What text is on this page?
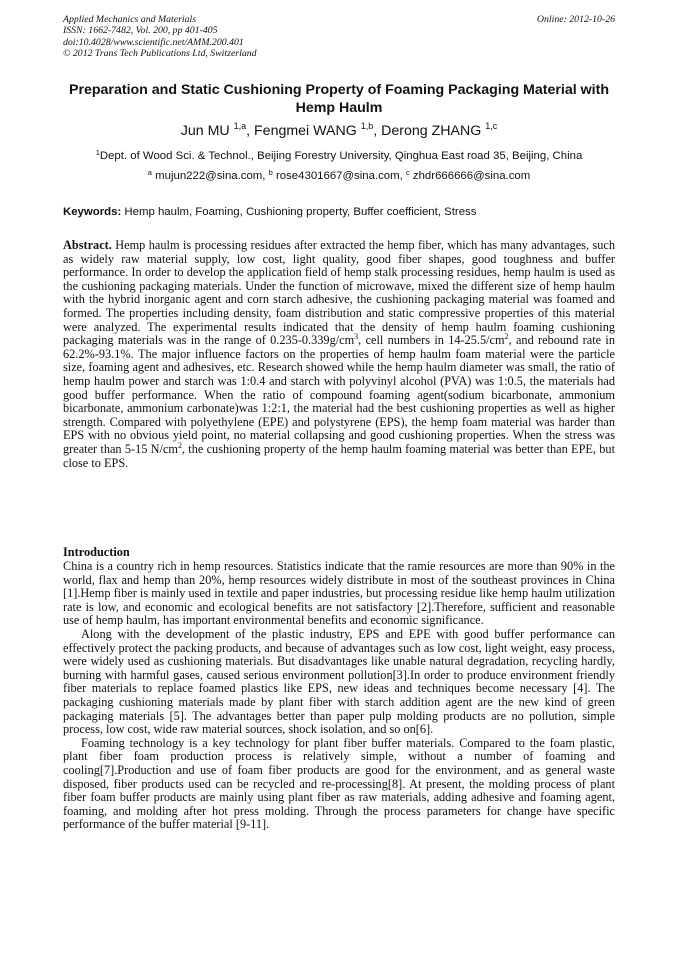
Applied Mechanics and Materials
ISSN: 1662-7482, Vol. 200, pp 401-405
doi:10.4028/www.scientific.net/AMM.200.401
© 2012 Trans Tech Publications Ltd, Switzerland
Online: 2012-10-26
Preparation and Static Cushioning Property of Foaming Packaging Material with Hemp Haulm
Jun MU $^{1,a}$, Fengmei WANG $^{1,b}$, Derong ZHANG $^{1,c}$
$^1$Dept. of Wood Sci. & Technol., Beijing Forestry University, Qinghua East road 35, Beijing, China
$^a$ mujun222@sina.com, $^b$ rose4301667@sina.com, $^c$ zhdr666666@sina.com
Keywords: Hemp haulm, Foaming, Cushioning property, Buffer coefficient, Stress
Abstract. Hemp haulm is processing residues after extracted the hemp fiber, which has many advantages, such as widely raw material supply, low cost, light quality, good fiber shapes, good toughness and buffer performance. In order to develop the application field of hemp stalk processing residues, hemp haulm is used as the cushioning packaging materials. Under the function of microwave, mixed the different size of hemp haulm with the hybrid inorganic agent and corn starch adhesive, the cushioning packaging material was foamed and formed. The properties including density, foam distribution and static compressive properties of this material were analyzed. The experimental results indicated that the density of hemp haulm foaming cushioning packaging materials was in the range of $0.235-0.339g/cm^3$, cell numbers in $14-25.5/cm^2$, and rebound rate in 62.2%-93.1%. The major influence factors on the properties of hemp haulm foam material were the particle size, foaming agent and adhesives, etc. Research showed while the hemp haulm diameter was small, the ratio of hemp haulm power and starch was 1:0.4 and starch with polyvinyl alcohol (PVA) was 1:0.5, the materials had good buffer performance. When the ratio of compound foaming agent(sodium bicarbonate, ammonium bicarbonate, ammonium carbonate)was 1:2:1, the material had the best cushioning properties as well as higher strength. Compared with polyethylene (EPE) and polystyrene (EPS), the hemp foam material was harder than EPS with no obvious yield point, no material collapsing and good cushioning properties. When the stress was greater than 5-15 $N/cm^2$, the cushioning property of the hemp haulm foaming material was better than EPE, but close to EPS.
Introduction

China is a country rich in hemp resources. Statistics indicate that the ramie resources are more than 90% in the world, flax and hemp than 20%, hemp resources widely distribute in most of the southeast provinces in China [1].Hemp fiber is mainly used in textile and paper industries, but processing residue like hemp haulm utilization rate is low, and economic and ecological benefits are not satisfactory [2].Therefore, sufficient and reasonable use of hemp haulm, has important environmental benefits and economic significance.

Along with the development of the plastic industry, EPS and EPE with good buffer performance can effectively protect the packing products, and because of advantages such as low cost, light weight, easy process, were widely used as cushioning materials. But disadvantages like unable natural degradation, recycling hardly, burning with harmful gases, caused serious environment pollution[3].In order to produce environment friendly fiber materials to replace foamed plastics like EPS, new ideas and techniques become necessary [4]. The packaging cushioning materials made by plant fiber with starch addition agent are the new kind of green packaging materials [5]. The advantages better than paper pulp molding products are no pollution, simple process, low cost, wide raw material sources, shock isolation, and so on[6].

Foaming technology is a key technology for plant fiber buffer materials. Compared to the foam plastic, plant fiber foam production process is relatively simple, without a number of foaming and cooling[7].Production and use of foam fiber products are good for the environment, and as general waste disposed, fiber products used can be recycled and re-processing[8]. At present, the molding process of plant fiber foam buffer products are mainly using plant fiber as raw materials, adding adhesive and foaming agent, foaming, and molding after hot press molding. Through the process parameters for change have specific performance of the buffer material [9-11].
